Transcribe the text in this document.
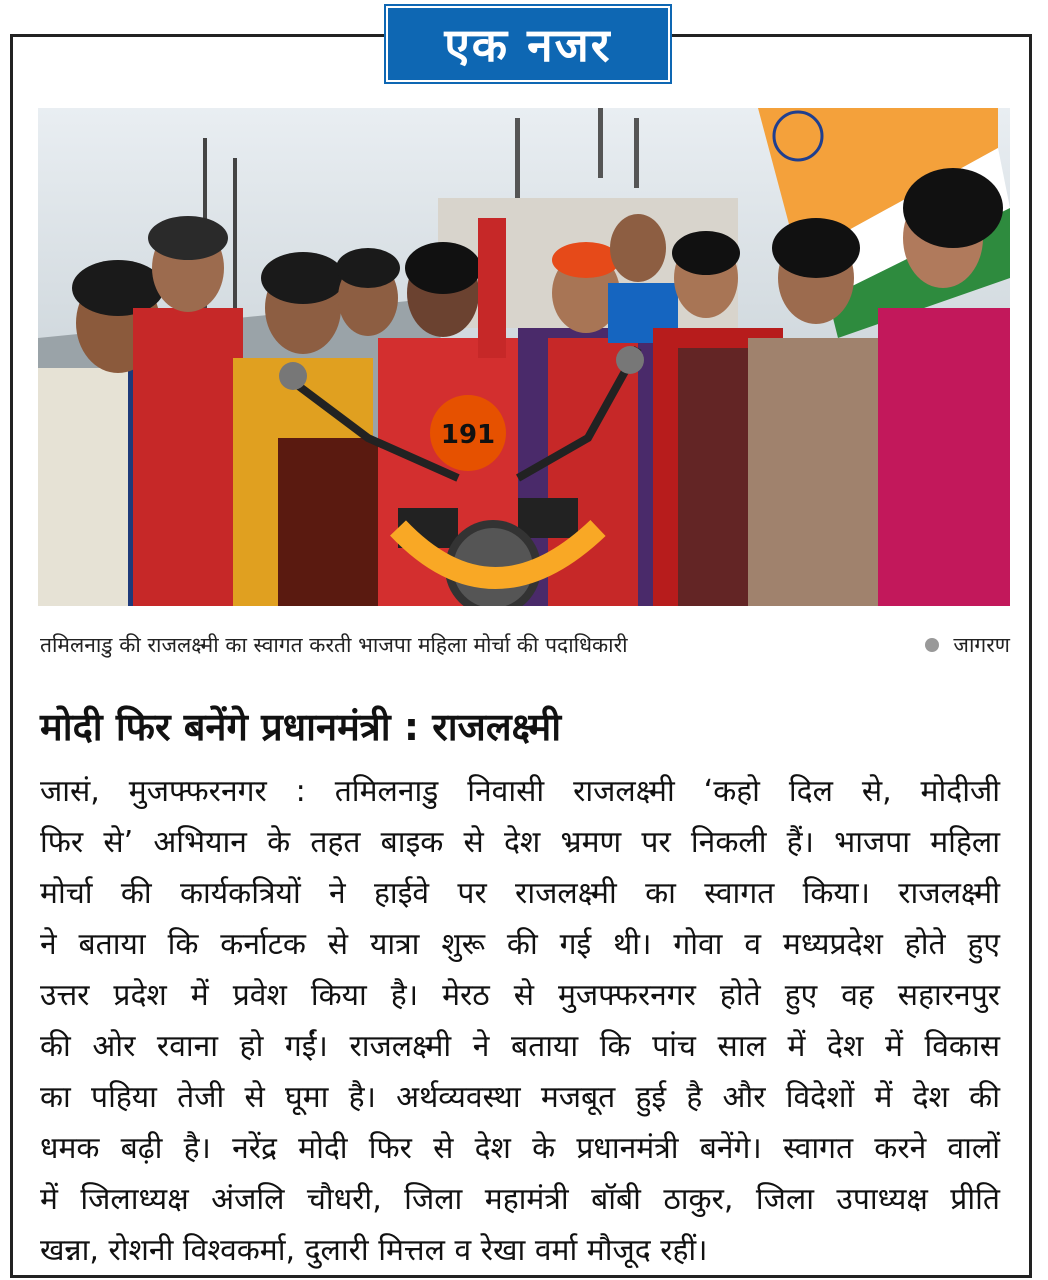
एक नजर
191
तमिलनाडु की राजलक्ष्मी का स्वागत करती भाजपा महिला मोर्चा की पदाधिकारी	जागरण
मोदी फिर बनेंगे प्रधानमंत्री : राजलक्ष्मी
जासं, मुजफ्फरनगर : तमिलनाडु निवासी राजलक्ष्मी ‘कहो दिल से, मोदीजी
फिर से’ अभियान के तहत बाइक से देश भ्रमण पर निकली हैं। भाजपा महिला
मोर्चा की कार्यकत्रियों ने हाईवे पर राजलक्ष्मी का स्वागत किया। राजलक्ष्मी
ने बताया कि कर्नाटक से यात्रा शुरू की गई थी। गोवा व मध्यप्रदेश होते हुए
उत्तर प्रदेश में प्रवेश किया है। मेरठ से मुजफ्फरनगर होते हुए वह सहारनपुर
की ओर रवाना हो गईं। राजलक्ष्मी ने बताया कि पांच साल में देश में विकास
का पहिया तेजी से घूमा है। अर्थव्यवस्था मजबूत हुई है और विदेशों में देश की
धमक बढ़ी है। नरेंद्र मोदी फिर से देश के प्रधानमंत्री बनेंगे। स्वागत करने वालों
में जिलाध्यक्ष अंजलि चौधरी, जिला महामंत्री बॉबी ठाकुर, जिला उपाध्यक्ष प्रीति
खन्ना, रोशनी विश्वकर्मा, दुलारी मित्तल व रेखा वर्मा मौजूद रहीं।
